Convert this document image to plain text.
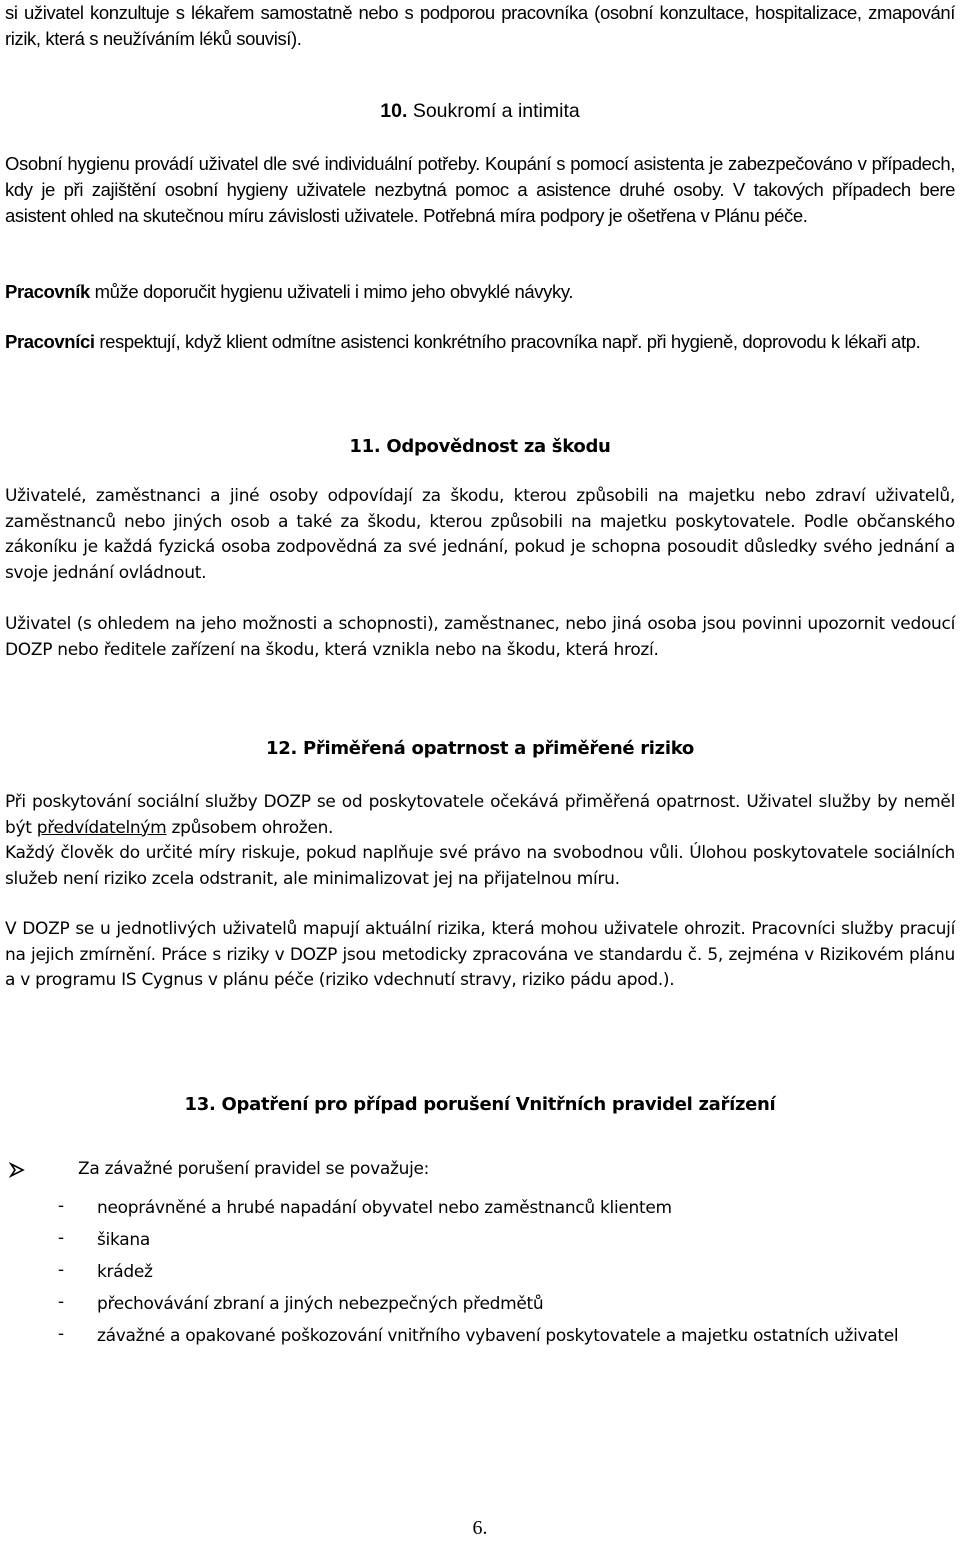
si uživatel konzultuje s lékařem samostatně nebo s podporou pracovníka (osobní konzultace, hospitalizace, zmapování rizik, která s neužíváním léků souvisí).

10. Soukromí a intimita

Osobní hygienu provádí uživatel dle své individuální potřeby. Koupání s pomocí asistenta je zabezpečováno v případech, kdy je při zajištění osobní hygieny uživatele nezbytná pomoc a asistence druhé osoby. V takových případech bere asistent ohled na skutečnou míru závislosti uživatele. Potřebná míra podpory je ošetřena v Plánu péče.

Pracovník může doporučit hygienu uživateli i mimo jeho obvyklé návyky.

Pracovníci respektují, když klient odmítne asistenci konkrétního pracovníka např. při hygieně, doprovodu k lékaři atp.

11. Odpovědnost za škodu

Uživatelé, zaměstnanci a jiné osoby odpovídají za škodu, kterou způsobili na majetku nebo zdraví uživatelů, zaměstnanců nebo jiných osob a také za škodu, kterou způsobili na majetku poskytovatele. Podle občanského zákoníku je každá fyzická osoba zodpovědná za své jednání, pokud je schopna posoudit důsledky svého jednání a svoje jednání ovládnout.

Uživatel (s ohledem na jeho možnosti a schopnosti), zaměstnanec, nebo jiná osoba jsou povinni upozornit vedoucí DOZP nebo ředitele zařízení na škodu, která vznikla nebo na škodu, která hrozí.

12. Přiměřená opatrnost a přiměřené riziko

Při poskytování sociální služby DOZP se od poskytovatele očekává přiměřená opatrnost. Uživatel služby by neměl být předvídatelným způsobem ohrožen.

Každý člověk do určité míry riskuje, pokud naplňuje své právo na svobodnou vůli. Úlohou poskytovatele sociálních služeb není riziko zcela odstranit, ale minimalizovat jej na přijatelnou míru.

V DOZP se u jednotlivých uživatelů mapují aktuální rizika, která mohou uživatele ohrozit. Pracovníci služby pracují na jejich zmírnění. Práce s riziky v DOZP jsou metodicky zpracována ve standardu č. 5, zejména v Rizikovém plánu a v programu IS Cygnus v plánu péče (riziko vdechnutí stravy, riziko pádu apod.).

13. Opatření pro případ porušení Vnitřních pravidel zařízení
Za závažné porušení pravidel se považuje:
- neoprávněné a hrubé napadání obyvatel nebo zaměstnanců klientem
- šikana
- krádež
- přechovávání zbraní a jiných nebezpečných předmětů
- závažné a opakované poškozování vnitřního vybavení poskytovatele a majetku ostatních uživatel
6.
